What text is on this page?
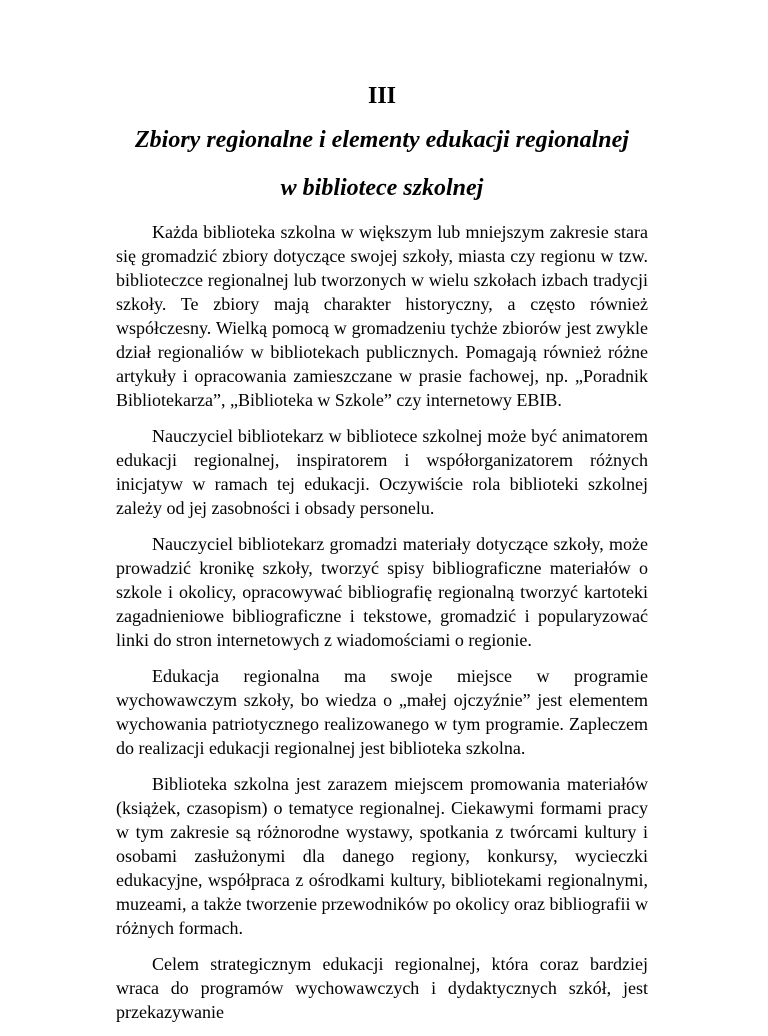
III
Zbiory regionalne i elementy edukacji regionalnej
w bibliotece szkolnej

Każda biblioteka szkolna w większym lub mniejszym zakresie stara się gromadzić zbiory dotyczące swojej szkoły, miasta czy regionu w tzw. biblioteczce regionalnej lub tworzonych w wielu szkołach izbach tradycji szkoły. Te zbiory mają charakter historyczny, a często również współczesny. Wielką pomocą w gromadzeniu tychże zbiorów jest zwykle dział regionaliów w bibliotekach publicznych. Pomagają również różne artykuły i opracowania zamieszczane w prasie fachowej, np. „Poradnik Bibliotekarza”, „Biblioteka w Szkole” czy internetowy EBIB.

Nauczyciel bibliotekarz w bibliotece szkolnej może być animatorem edukacji regionalnej, inspiratorem i współorganizatorem różnych inicjatyw w ramach tej edukacji. Oczywiście rola biblioteki szkolnej zależy od jej zasobności i obsady personelu.

Nauczyciel bibliotekarz gromadzi materiały dotyczące szkoły, może prowadzić kronikę szkoły, tworzyć spisy bibliograficzne materiałów o szkole i okolicy, opracowywać bibliografię regionalną tworzyć kartoteki zagadnieniowe bibliograficzne i tekstowe, gromadzić i popularyzować linki do stron internetowych z wiadomościami o regionie.

Edukacja regionalna ma swoje miejsce w programie wychowawczym szkoły, bo wiedza o „małej ojczyźnie” jest elementem wychowania patriotycznego realizowanego w tym programie. Zapleczem do realizacji edukacji regionalnej jest biblioteka szkolna.

Biblioteka szkolna jest zarazem miejscem promowania materiałów (książek, czasopism) o tematyce regionalnej. Ciekawymi formami pracy w tym zakresie są różnorodne wystawy, spotkania z twórcami kultury i osobami zasłużonymi dla danego regiony, konkursy, wycieczki edukacyjne, współpraca z ośrodkami kultury, bibliotekami regionalnymi, muzeami, a także tworzenie przewodników po okolicy oraz bibliografii w różnych formach.

Celem strategicznym edukacji regionalnej, która coraz bardziej wraca do programów wychowawczych i dydaktycznych szkół, jest przekazywanie
